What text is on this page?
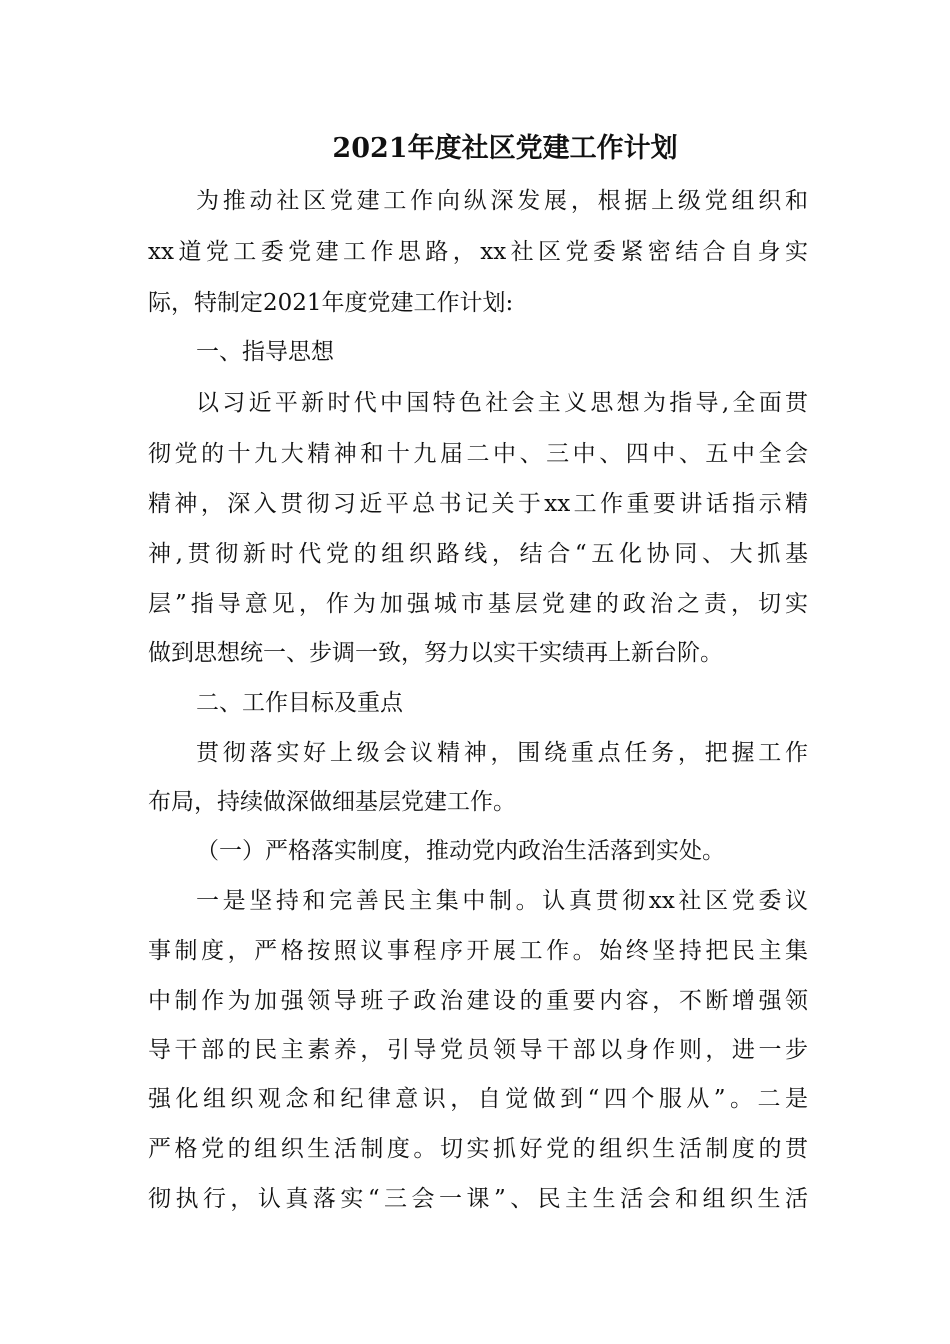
2021年度社区党建工作计划

为推动社区党建工作向纵深发展，根据上级党组织和

xx道党工委党建工作思路，xx社区党委紧密结合自身实

际，特制定2021年度党建工作计划:

一、指导思想

以习近平新时代中国特色社会主义思想为指导,全面贯

彻党的十九大精神和十九届二中、三中、四中、五中全会

精神，深入贯彻习近平总书记关于xx工作重要讲话指示精

神,贯彻新时代党的组织路线，结合“五化协同、大抓基

层”指导意见，作为加强城市基层党建的政治之责，切实

做到思想统一、步调一致，努力以实干实绩再上新台阶。

二、工作目标及重点

贯彻落实好上级会议精神，围绕重点任务，把握工作

布局，持续做深做细基层党建工作。

（一）严格落实制度，推动党内政治生活落到实处。

一是坚持和完善民主集中制。认真贯彻xx社区党委议

事制度，严格按照议事程序开展工作。始终坚持把民主集

中制作为加强领导班子政治建设的重要内容，不断增强领

导干部的民主素养，引导党员领导干部以身作则，进一步

强化组织观念和纪律意识，自觉做到“四个服从”。二是

严格党的组织生活制度。切实抓好党的组织生活制度的贯

彻执行，认真落实“三会一课”、民主生活会和组织生活
